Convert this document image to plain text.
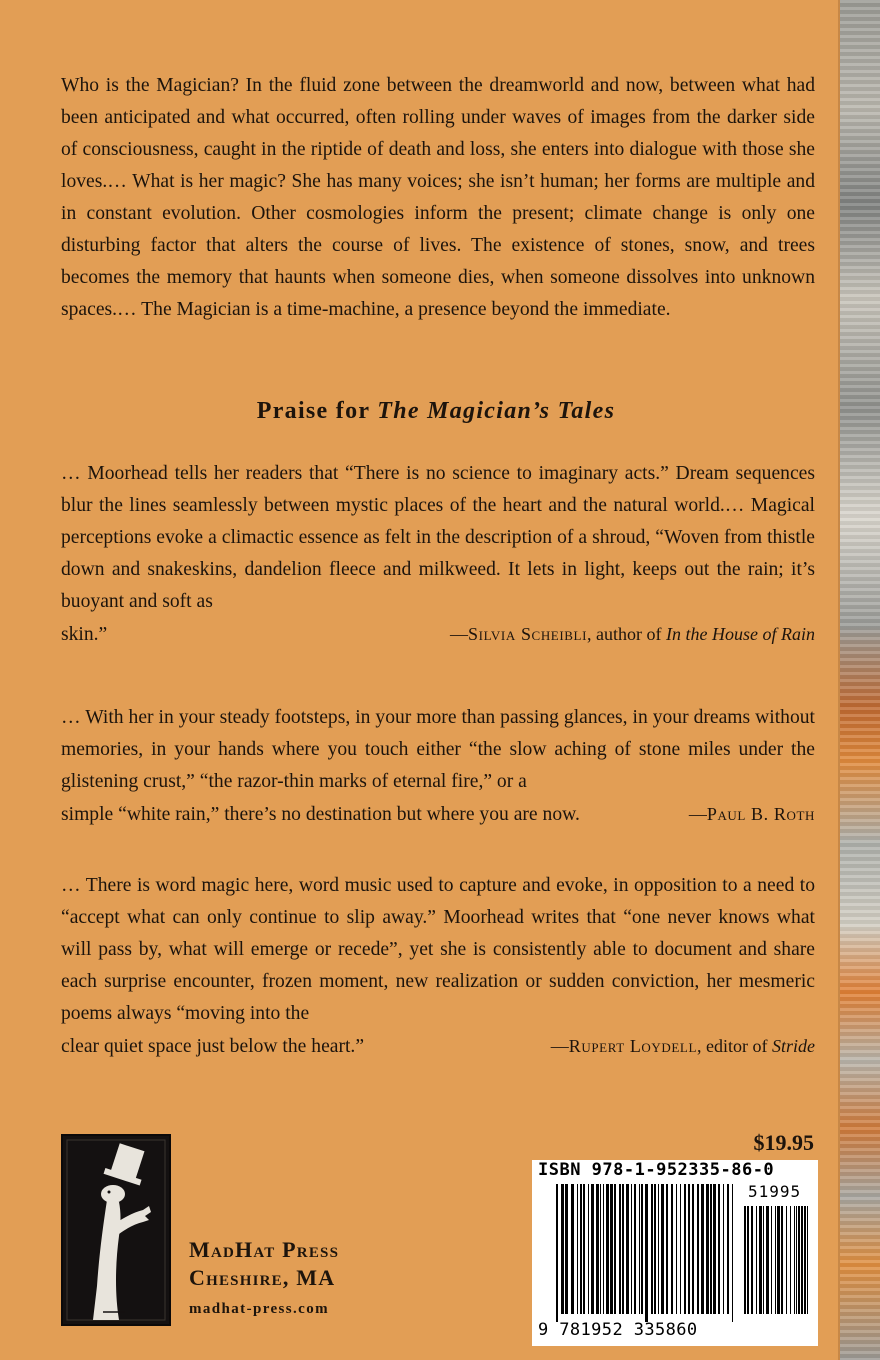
Who is the Magician? In the fluid zone between the dreamworld and now, between what had been anticipated and what occurred, often rolling under waves of images from the darker side of consciousness, caught in the riptide of death and loss, she enters into dialogue with those she loves.… What is her magic? She has many voices; she isn’t human; her forms are multiple and in constant evolution. Other cosmologies inform the present; climate change is only one disturbing factor that alters the course of lives. The existence of stones, snow, and trees becomes the memory that haunts when someone dies, when someone dissolves into unknown spaces.… The Magician is a time-machine, a presence beyond the immediate.

Praise for The Magician’s Tales
… Moorhead tells her readers that “There is no science to imaginary acts.” Dream sequences blur the lines seamlessly between mystic places of the heart and the natural world.… Magical perceptions evoke a climactic essence as felt in the description of a shroud, “Woven from thistle down and snakeskins, dandelion fleece and milkweed. It lets in light, keeps out the rain; it’s buoyant and soft as
skin.”	—Silvia Scheibli, author of In the House of Rain
… With her in your steady footsteps, in your more than passing glances, in your dreams without memories, in your hands where you touch either “the slow aching of stone miles under the glistening crust,” “the razor-thin marks of eternal fire,” or a
simple “white rain,” there’s no destination but where you are now.	—Paul B. Roth
… There is word magic here, word music used to capture and evoke, in opposition to a need to “accept what can only continue to slip away.” Moorhead writes that “one never knows what will pass by, what will emerge or recede”, yet she is consistently able to document and share each surprise encounter, frozen moment, new realization or sudden conviction, her mesmeric poems always “moving into the
clear quiet space just below the heart.”	—Rupert Loydell, editor of Stride
MadHat Press
Cheshire, MA
madhat-press.com
$19.95
ISBN 978-1-952335-86-0
51995
9 781952 335860
